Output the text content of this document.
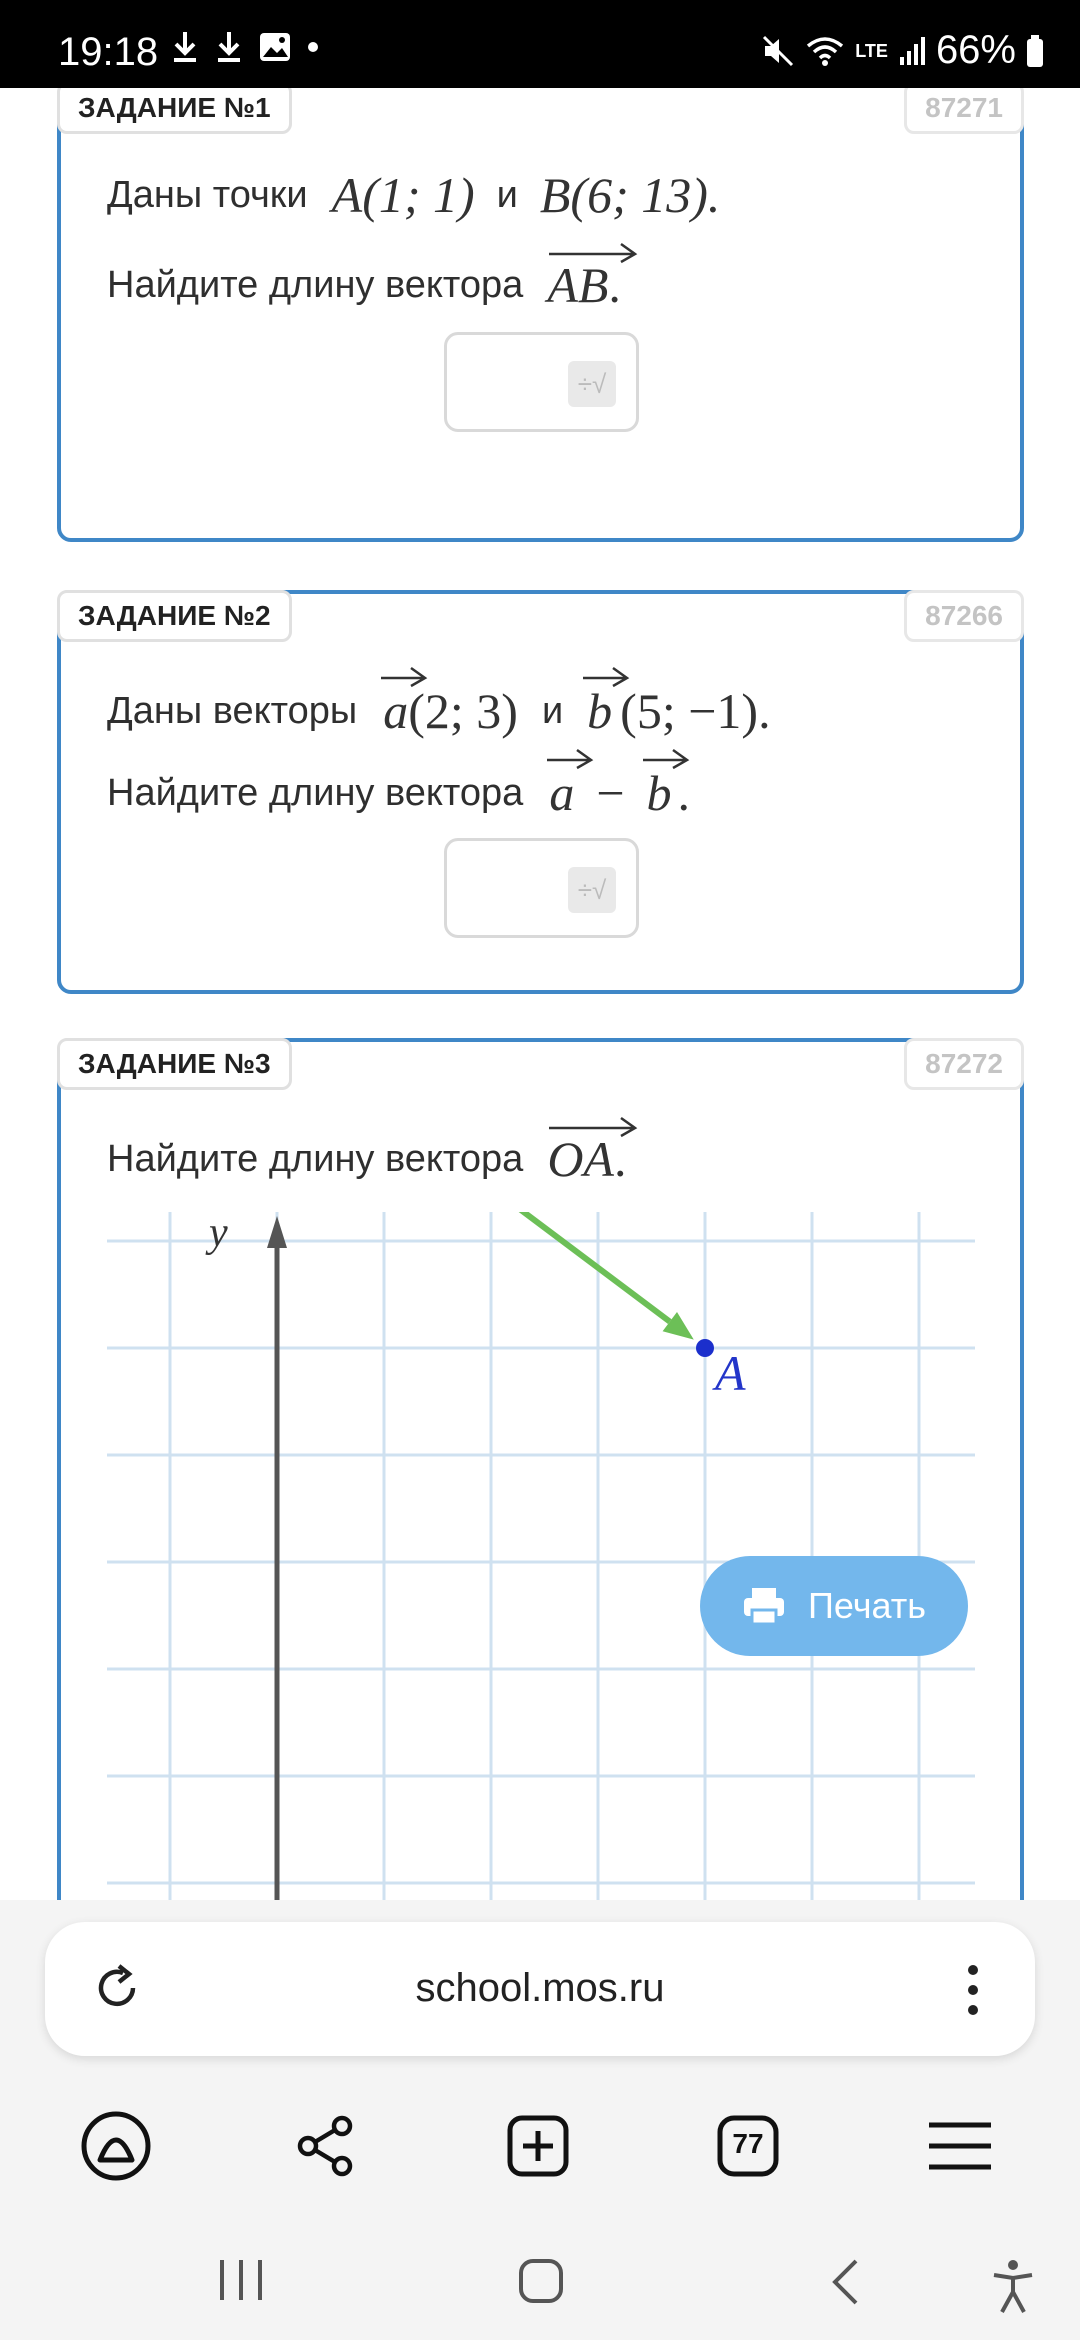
19:18	LTE 66%
ЗАДАНИЕ №1	87271
Даны точки A(1; 1) и B(6; 13).
Найдите длину вектора AB .
÷√
ЗАДАНИЕ №2	87266
Даны векторы a (2; 3) и b (5; −1).
Найдите длину вектора a − b .
÷√
ЗАДАНИЕ №3	87272
Найдите длину вектора OA .
y
A
Печать
school.mos.ru
77
